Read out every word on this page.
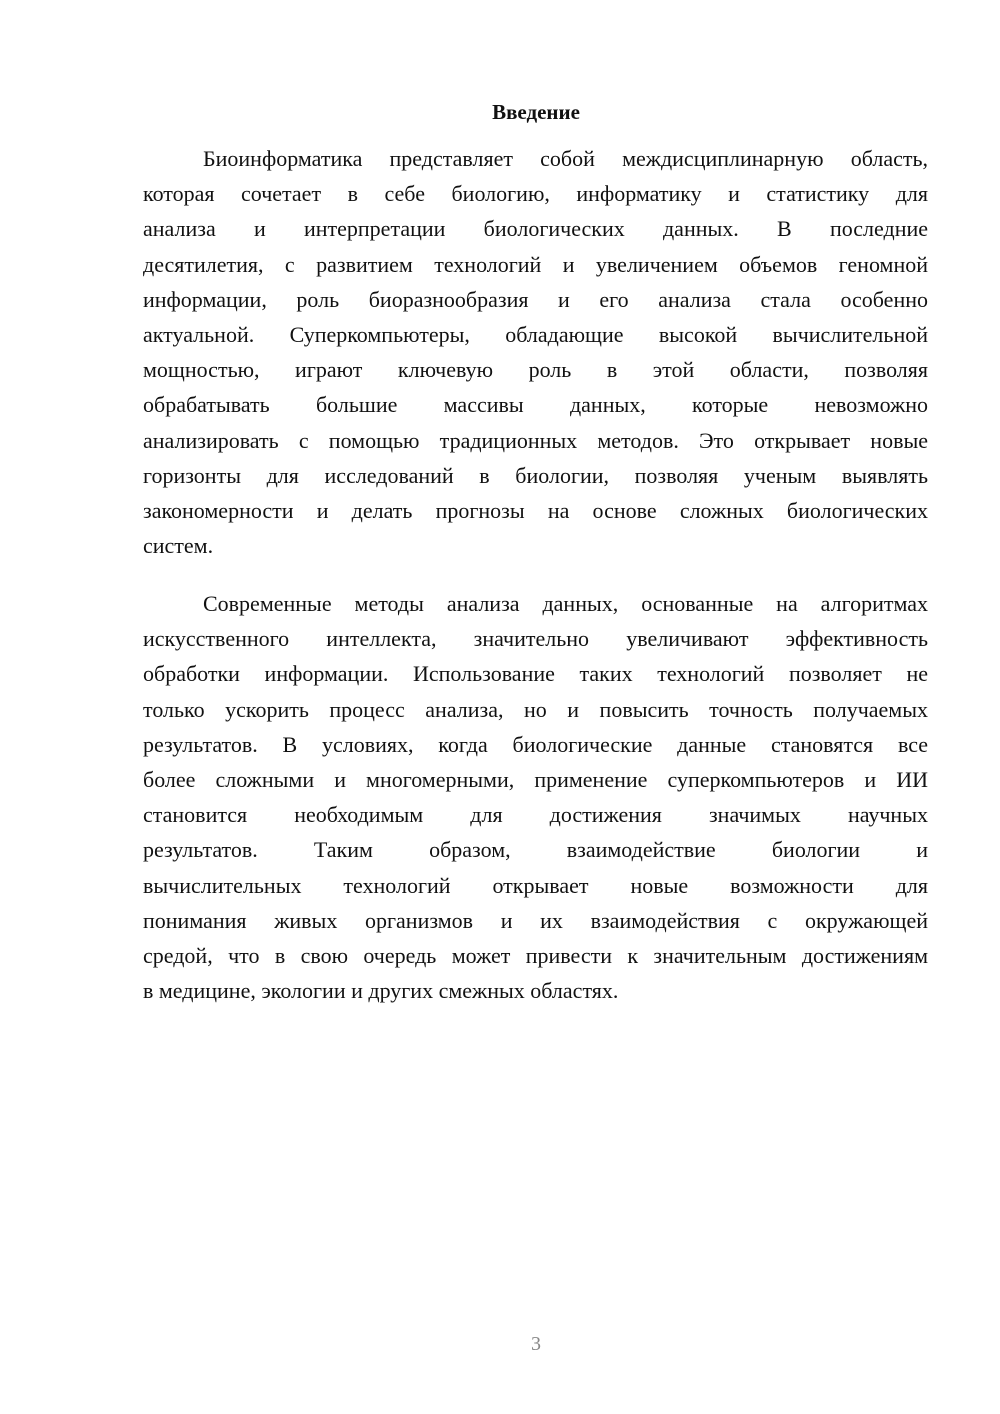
Введение
Биоинформатика представляет собой междисциплинарную область,
которая сочетает в себе биологию, информатику и статистику для
анализа и интерпретации биологических данных. В последние
десятилетия, с развитием технологий и увеличением объемов геномной
информации, роль биоразнообразия и его анализа стала особенно
актуальной. Суперкомпьютеры, обладающие высокой вычислительной
мощностью, играют ключевую роль в этой области, позволяя
обрабатывать большие массивы данных, которые невозможно
анализировать с помощью традиционных методов. Это открывает новые
горизонты для исследований в биологии, позволяя ученым выявлять
закономерности и делать прогнозы на основе сложных биологических
систем.
Современные методы анализа данных, основанные на алгоритмах
искусственного интеллекта, значительно увеличивают эффективность
обработки информации. Использование таких технологий позволяет не
только ускорить процесс анализа, но и повысить точность получаемых
результатов. В условиях, когда биологические данные становятся все
более сложными и многомерными, применение суперкомпьютеров и ИИ
становится необходимым для достижения значимых научных
результатов. Таким образом, взаимодействие биологии и
вычислительных технологий открывает новые возможности для
понимания живых организмов и их взаимодействия с окружающей
средой, что в свою очередь может привести к значительным достижениям
в медицине, экологии и других смежных областях.
3
